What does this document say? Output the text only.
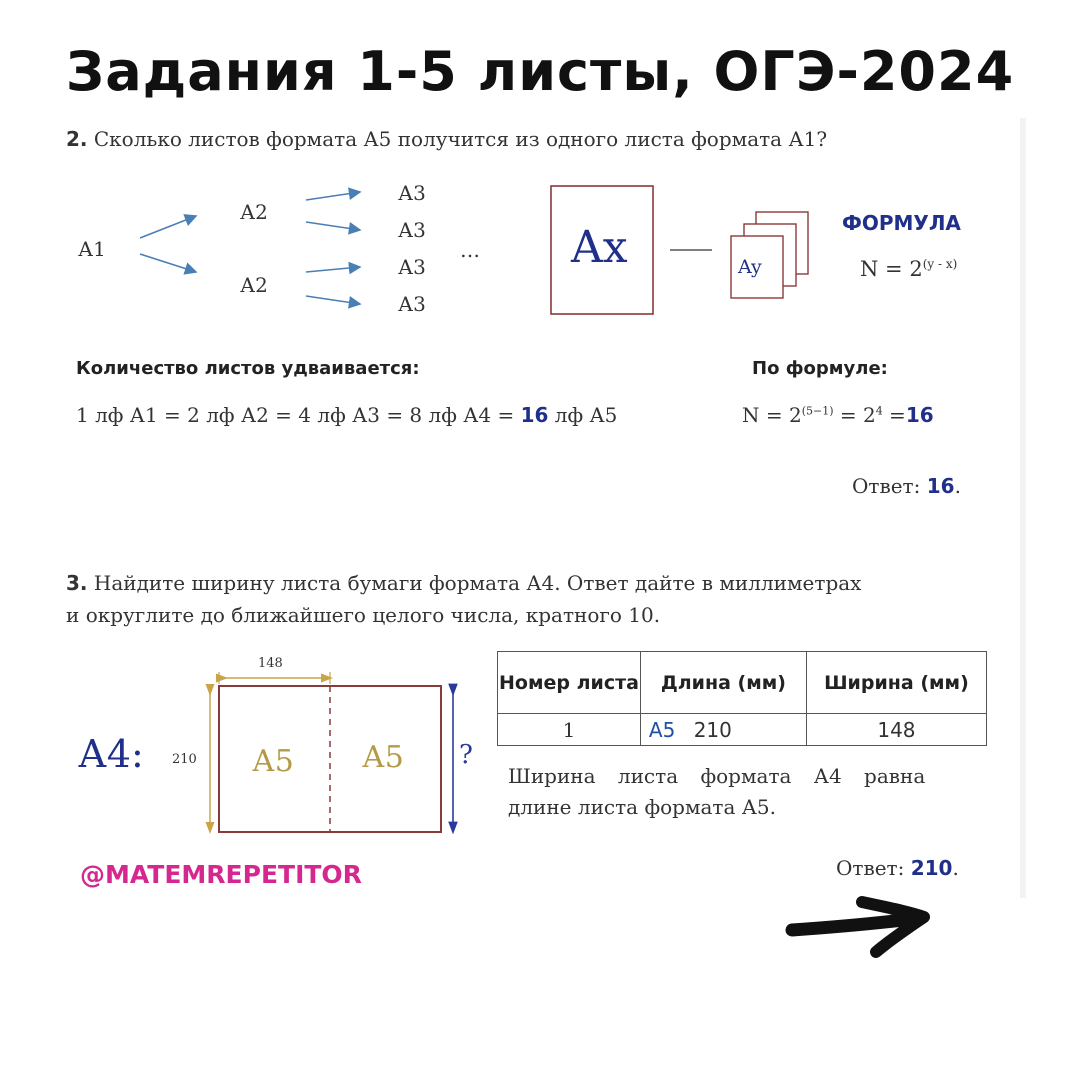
Задания 1-5 листы, ОГЭ-2024
2. Сколько листов формата А5 получится из одного листа формата А1?
А1
А2
А2
А3
А3
А3
А3
… Ax	Ay
ФОРМУЛА
$N = 2^{(y - x)}$
Количество листов удваивается:
1 лф А1 = 2 лф А2 = 4 лф А3 = 8 лф А4 = 16 лф А5
По формуле:
$N = 2^{(5-1)} = 2^4 =16$
Ответ: 16.
3. Найдите ширину листа бумаги формата А4. Ответ дайте в миллиметрах
и округлите до ближайшего целого числа, кратного 10.
А4: 210
148
А5 А5 ?
Номер листа	Длина (мм)	Ширина (мм)
1	А5 210	148
Ширина листа формата А4 равна
длине листа формата А5.
Ответ: 210.
@MATEMREPETITOR
